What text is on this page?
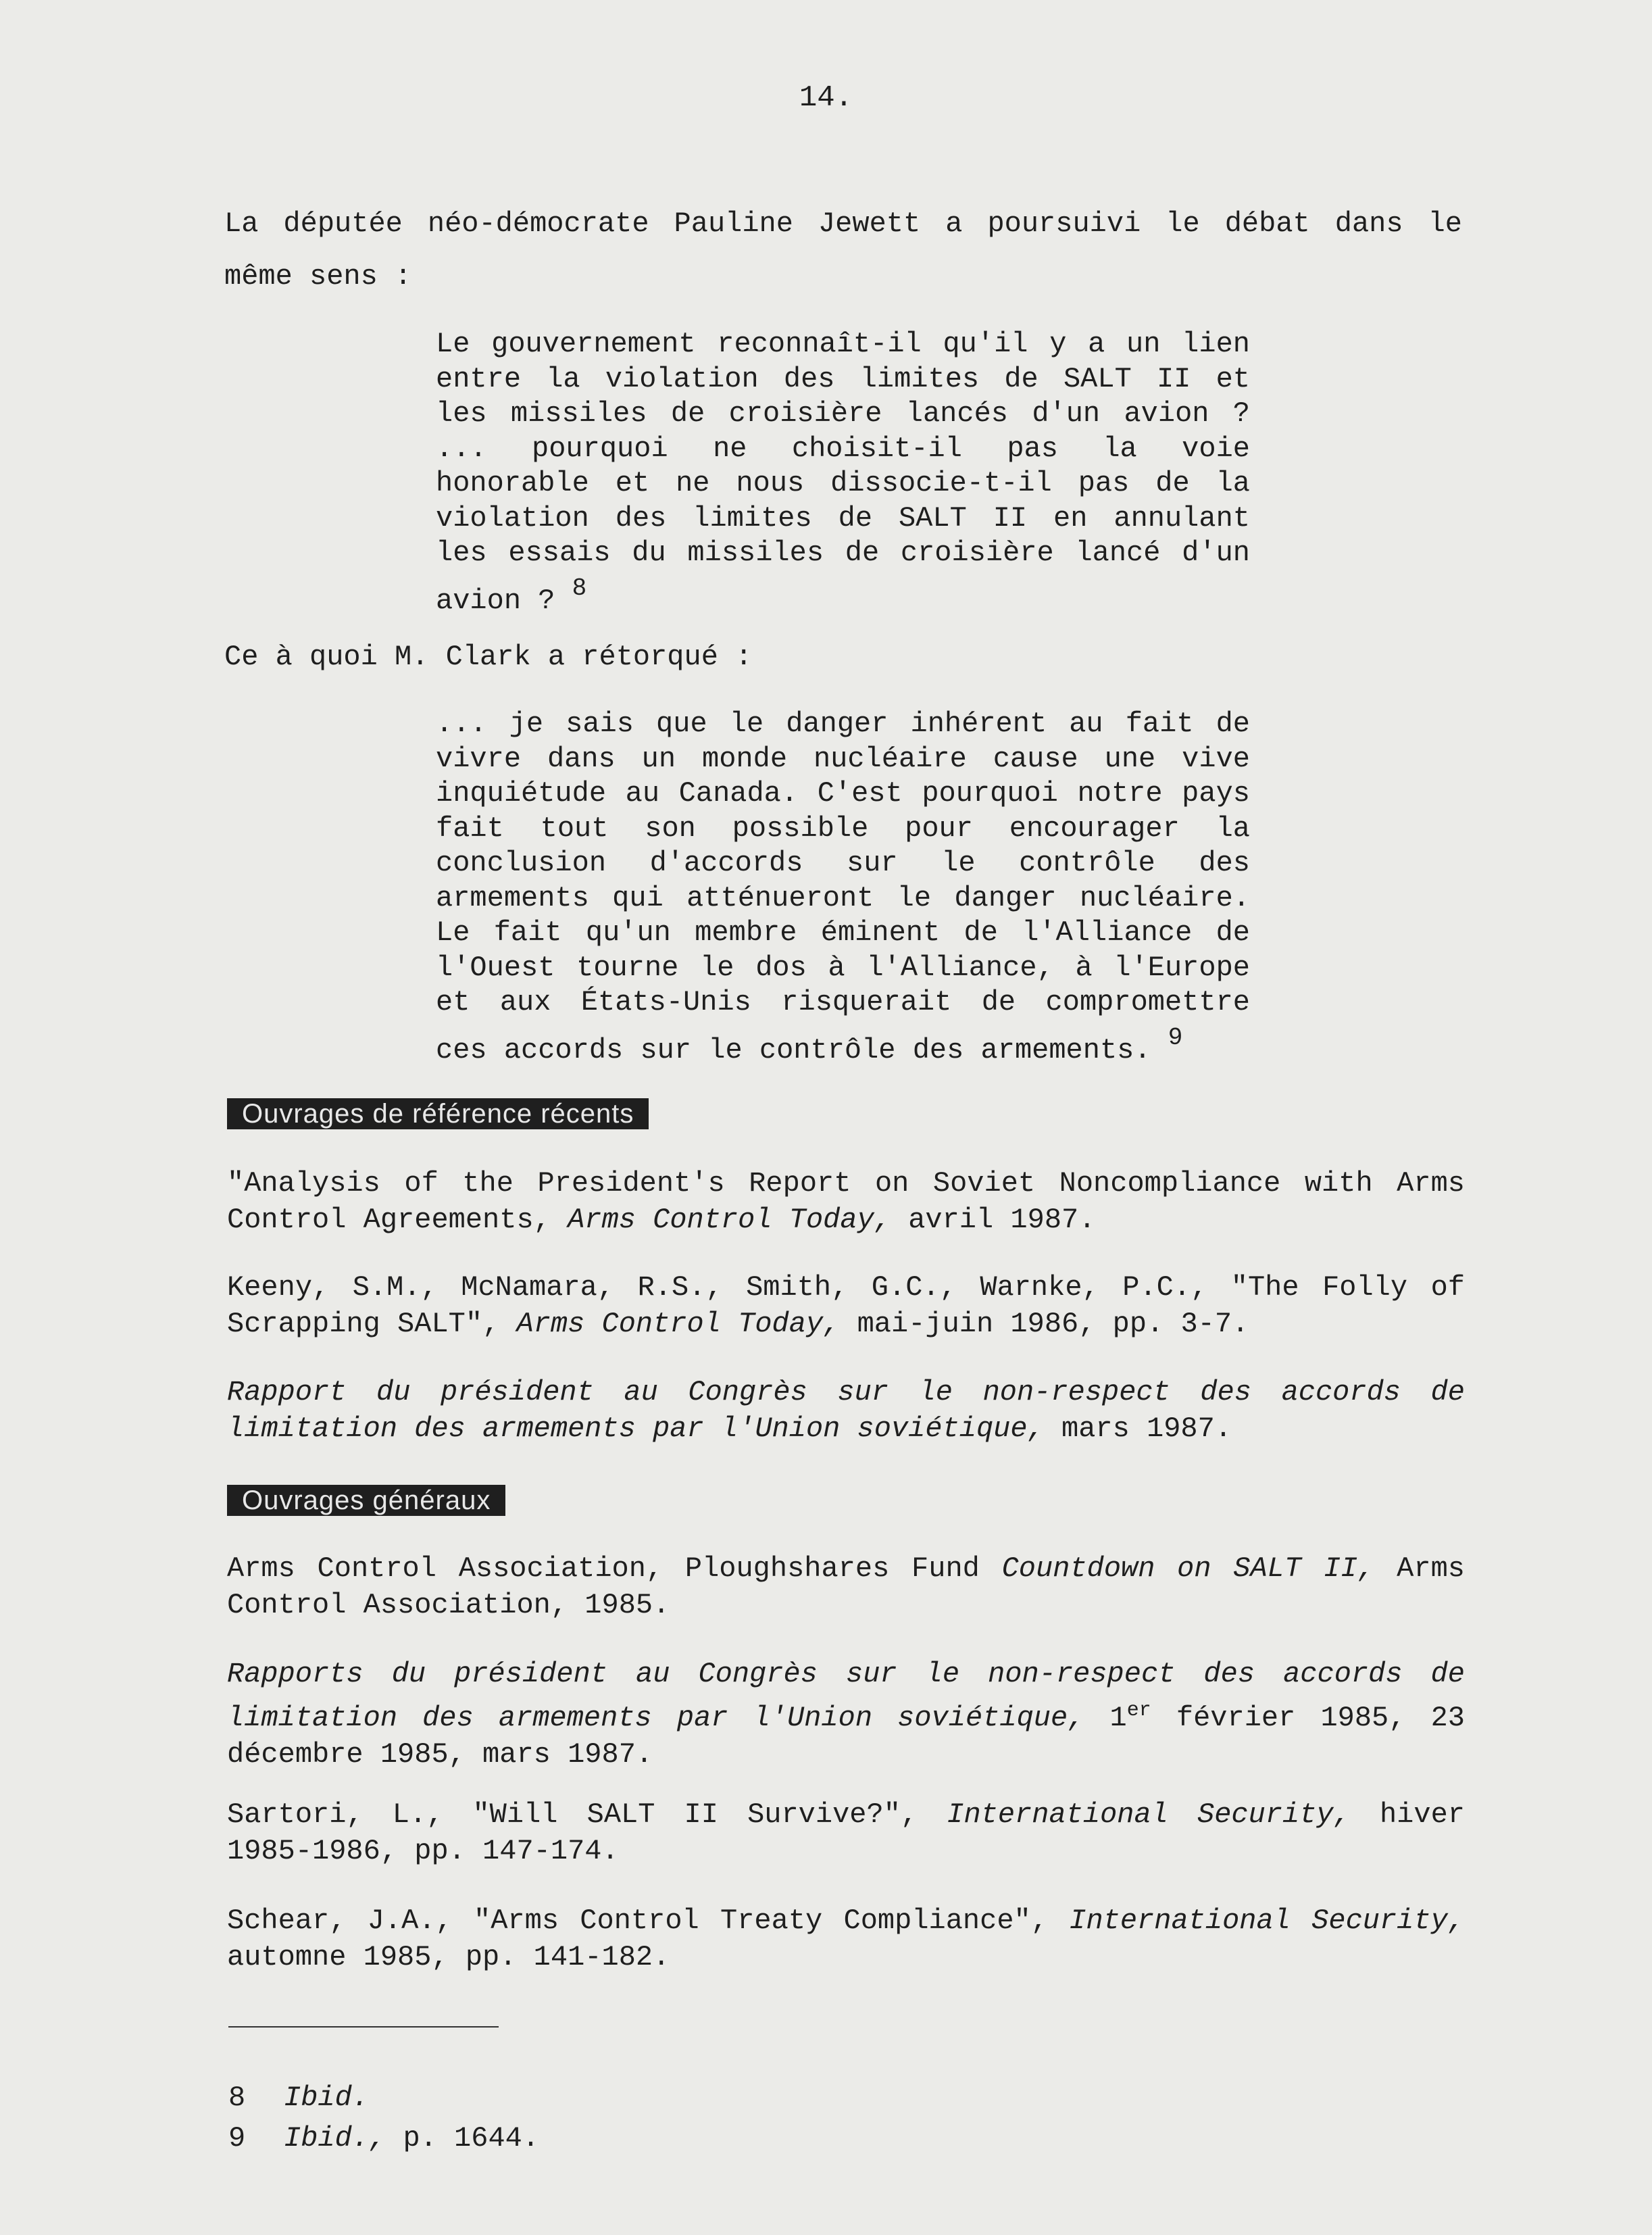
14.
La députée néo-démocrate Pauline Jewett a poursuivi le débat dans le même sens :
Le gouvernement reconnaît-il qu'il y a un lien entre la violation des limites de SALT II et les missiles de croisière lancés d'un avion ? ... pourquoi ne choisit-il pas la voie honorable et ne nous dissocie-t-il pas de la violation des limites de SALT II en annulant les essais du missiles de croisière lancé d'un avion ? $^8$
Ce à quoi M. Clark a rétorqué :
... je sais que le danger inhérent au fait de vivre dans un monde nucléaire cause une vive inquiétude au Canada. C'est pourquoi notre pays fait tout son possible pour encourager la conclusion d'accords sur le contrôle des armements qui atténueront le danger nucléaire. Le fait qu'un membre éminent de l'Alliance de l'Ouest tourne le dos à l'Alliance, à l'Europe et aux États-Unis risquerait de compromettre ces accords sur le contrôle des armements. $^9$
Ouvrages de référence récents
"Analysis of the President's Report on Soviet Noncompliance with Arms Control Agreements, Arms Control Today, avril 1987.
Keeny, S.M., McNamara, R.S., Smith, G.C., Warnke, P.C., "The Folly of Scrapping SALT", Arms Control Today, mai-juin 1986, pp. 3-7.
Rapport du président au Congrès sur le non-respect des accords de limitation des armements par l'Union soviétique, mars 1987.
Ouvrages généraux
Arms Control Association, Ploughshares Fund Countdown on SALT II, Arms Control Association, 1985.
Rapports du président au Congrès sur le non-respect des accords de limitation des armements par l'Union soviétique, 1er février 1985, 23 décembre 1985, mars 1987.
Sartori, L., "Will SALT II Survive?", International Security, hiver 1985-1986, pp. 147-174.
Schear, J.A., "Arms Control Treaty Compliance", International Security, automne 1985, pp. 141-182.
8 Ibid.
9 Ibid., p. 1644.
